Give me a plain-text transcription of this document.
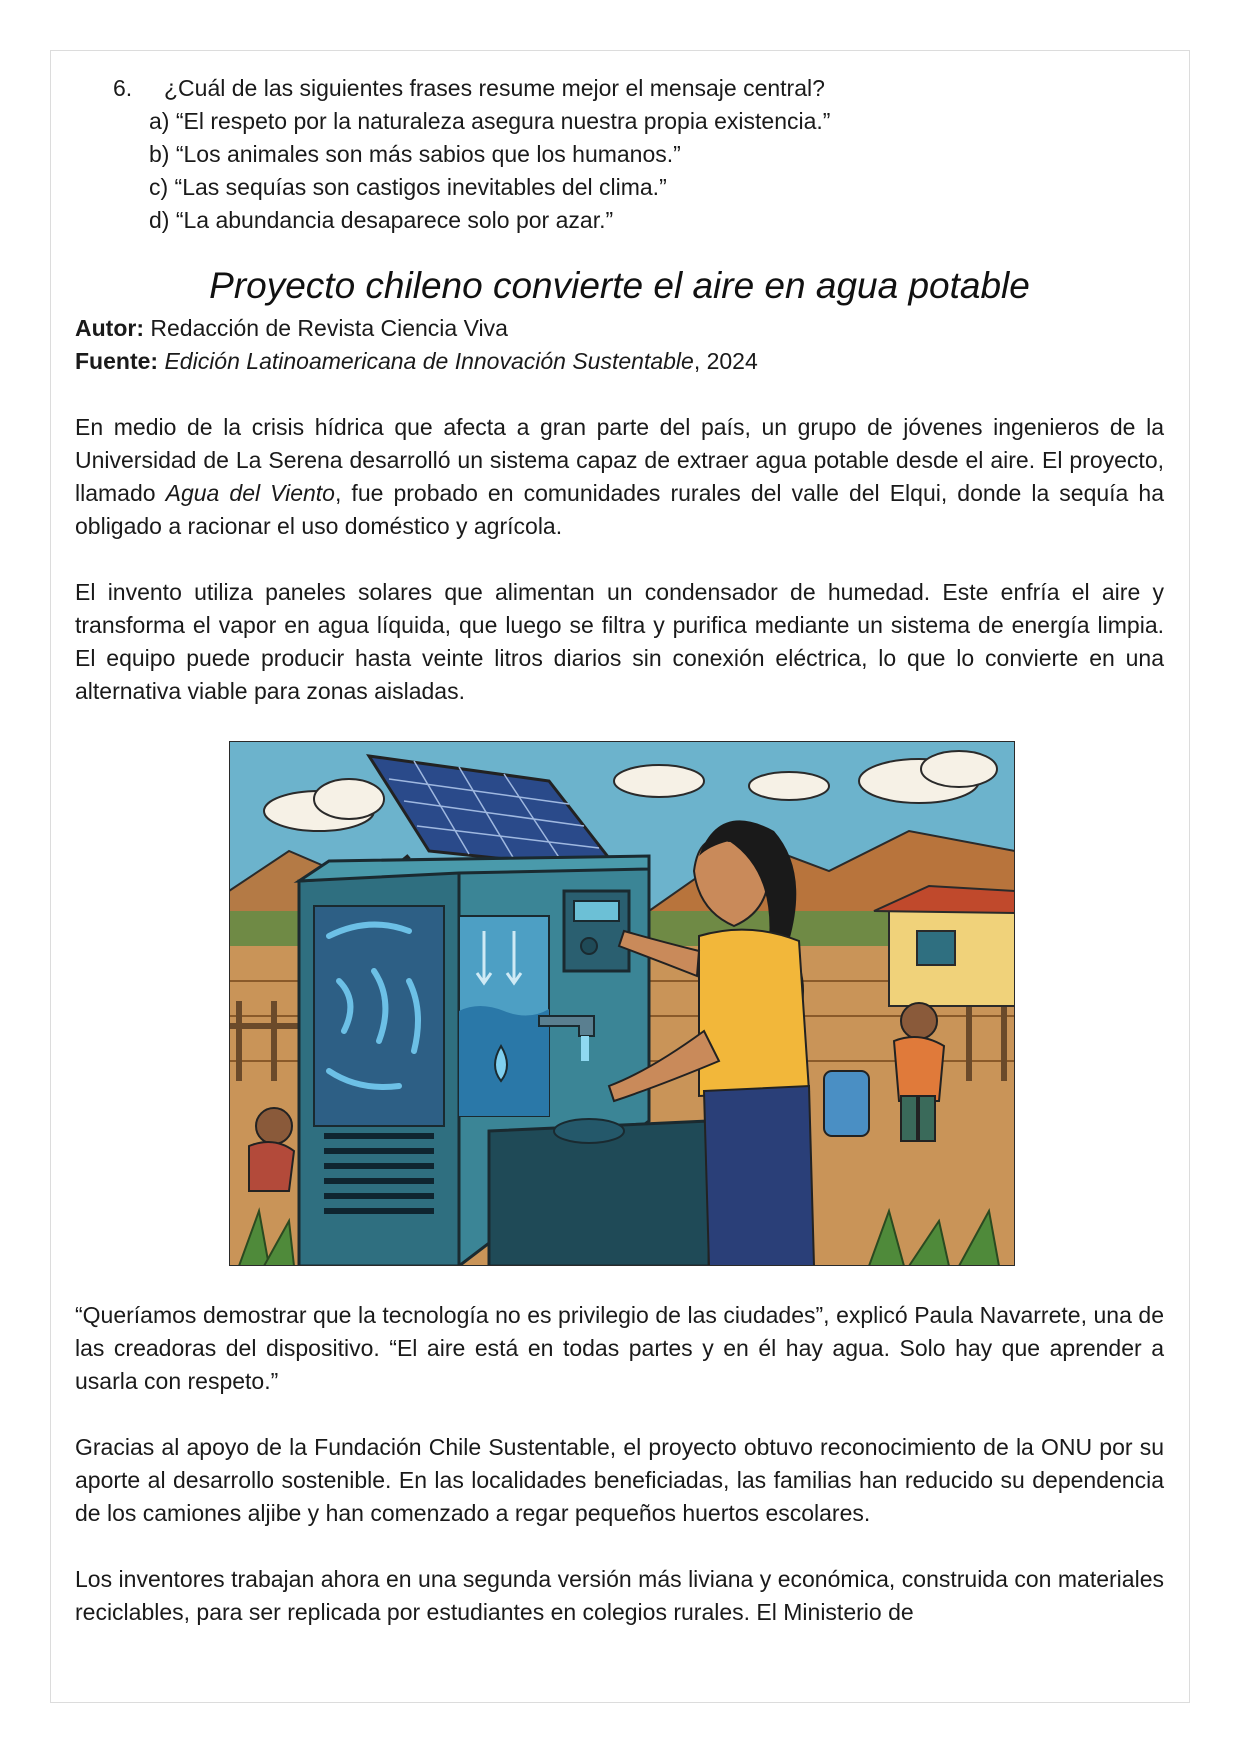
6.	¿Cuál de las siguientes frases resume mejor el mensaje central?
a) “El respeto por la naturaleza asegura nuestra propia existencia.”
b) “Los animales son más sabios que los humanos.”
c) “Las sequías son castigos inevitables del clima.”
d) “La abundancia desaparece solo por azar.”
Proyecto chileno convierte el aire en agua potable
Autor: Redacción de Revista Ciencia Viva
Fuente: Edición Latinoamericana de Innovación Sustentable, 2024

En medio de la crisis hídrica que afecta a gran parte del país, un grupo de jóvenes ingenieros de la Universidad de La Serena desarrolló un sistema capaz de extraer agua potable desde el aire. El proyecto, llamado Agua del Viento, fue probado en comunidades rurales del valle del Elqui, donde la sequía ha obligado a racionar el uso doméstico y agrícola.

El invento utiliza paneles solares que alimentan un condensador de humedad. Este enfría el aire y transforma el vapor en agua líquida, que luego se filtra y purifica mediante un sistema de energía limpia. El equipo puede producir hasta veinte litros diarios sin conexión eléctrica, lo que lo convierte en una alternativa viable para zonas aisladas.

“Queríamos demostrar que la tecnología no es privilegio de las ciudades”, explicó Paula Navarrete, una de las creadoras del dispositivo. “El aire está en todas partes y en él hay agua. Solo hay que aprender a usarla con respeto.”

Gracias al apoyo de la Fundación Chile Sustentable, el proyecto obtuvo reconocimiento de la ONU por su aporte al desarrollo sostenible. En las localidades beneficiadas, las familias han reducido su dependencia de los camiones aljibe y han comenzado a regar pequeños huertos escolares.

Los inventores trabajan ahora en una segunda versión más liviana y económica, construida con materiales reciclables, para ser replicada por estudiantes en colegios rurales. El Ministerio de
